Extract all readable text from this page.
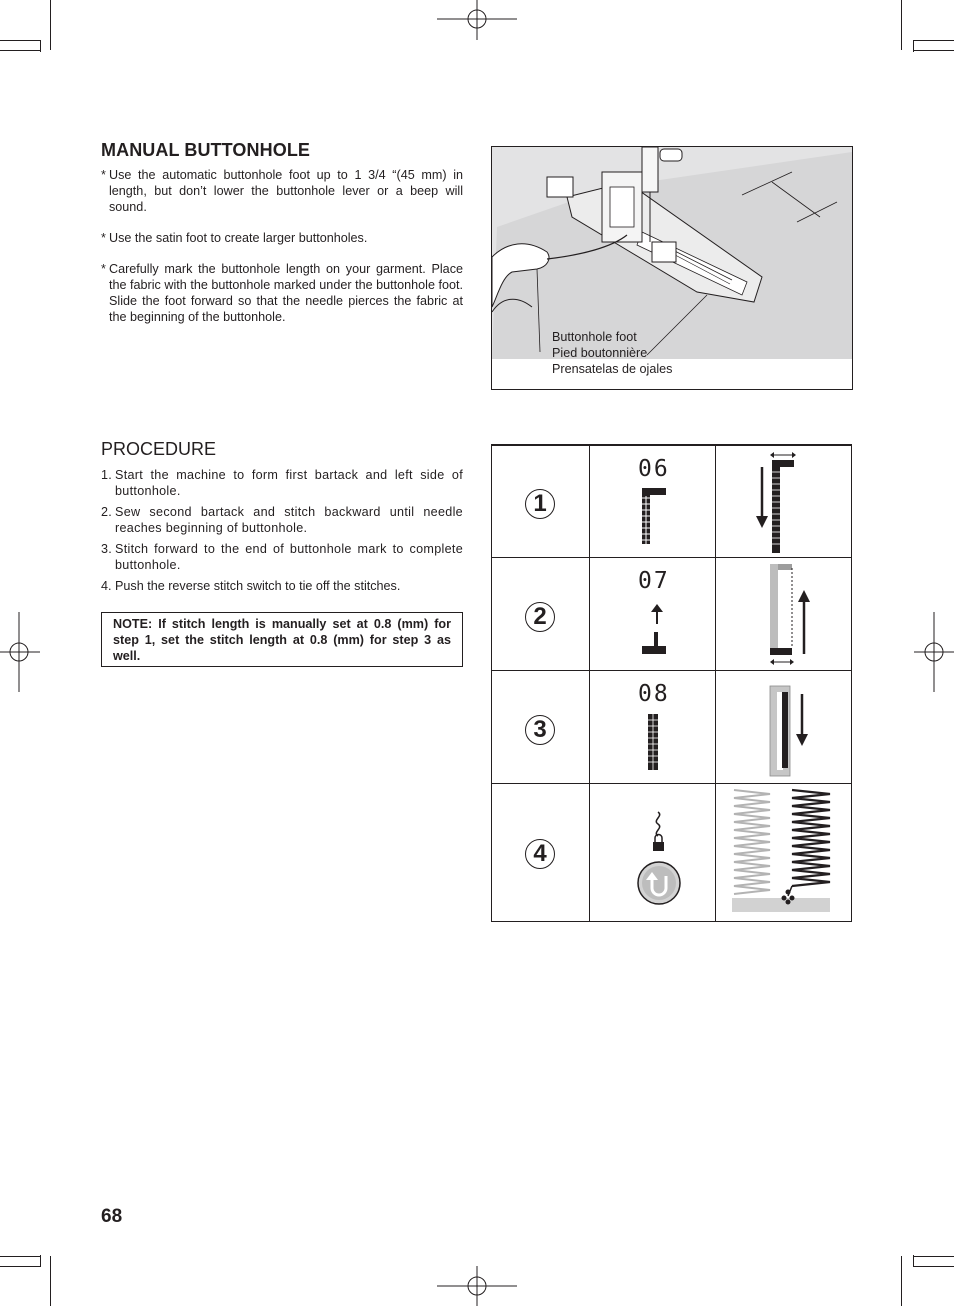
MANUAL BUTTONHOLE
* Use the automatic buttonhole foot up to 1 3/4 “(45 mm) in length, but don’t lower the buttonhole lever or a beep will sound.
* Use the satin foot to create larger buttonholes.
* Carefully mark the buttonhole length on your garment. Place the fabric with the buttonhole marked under the buttonhole foot. Slide the foot forward so that the needle pierces the fabric at the beginning of the buttonhole.
Buttonhole foot
Pied boutonnière
Prensatelas de ojales
PROCEDURE
1. Start the machine to form first bartack and left side of buttonhole.
2. Sew second bartack and stitch backward until needle reaches beginning of buttonhole.
3. Stitch forward to the end of buttonhole mark to complete buttonhole.
4. Push the reverse stitch switch to tie off the stitches.
NOTE: If stitch length is manually set at 0.8 (mm) for step 1, set the stitch length at 0.8 (mm) for step 3 as well.
1
06
2
07
3
08
4
68
